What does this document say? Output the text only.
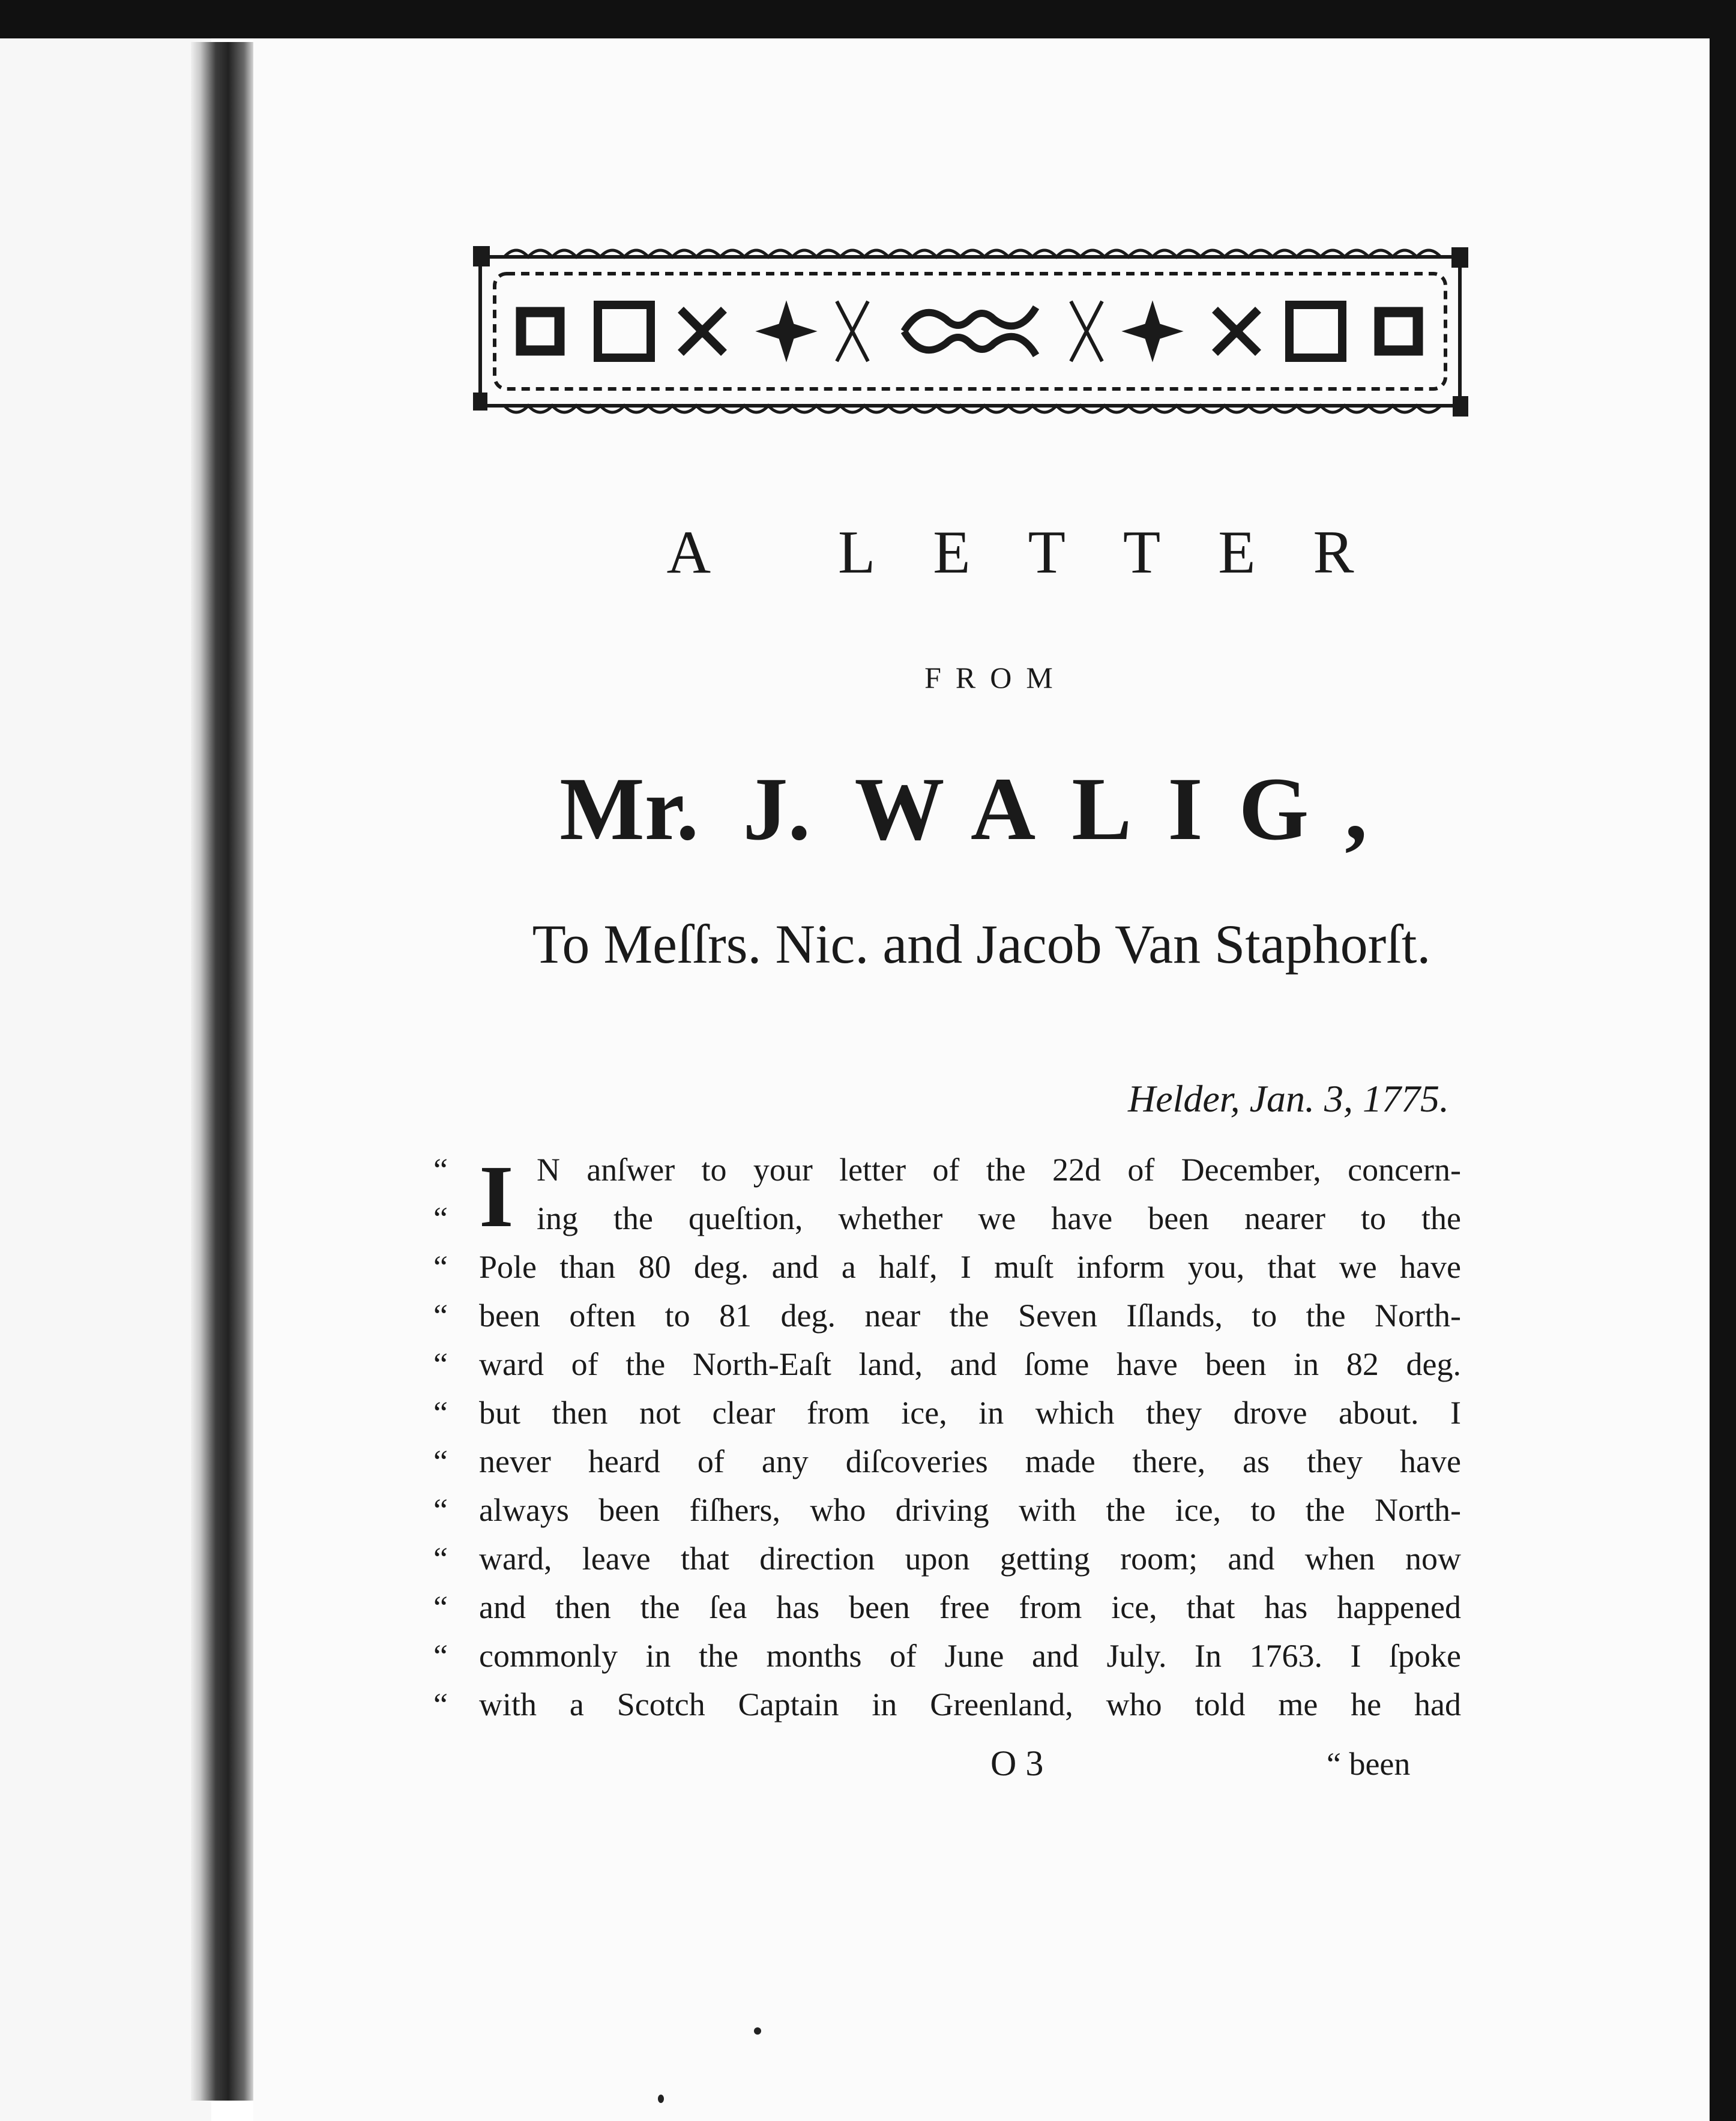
A LETTER
FROM
Mr. J. WALIG,
To Meſſrs. Nic. and Jacob Van Staphorſt.
Helder, Jan. 3, 1775.
“ I N anſwer to your letter of the 22d of December, concern-
“	ing the queſtion, whether we have been nearer to the
“ Pole than 80 deg. and a half, I muſt inform you, that we have
“ been often to 81 deg. near the Seven Iſlands, to the North-
“ ward of the North-Eaſt land, and ſome have been in 82 deg.
“ but then not clear from ice, in which they drove about. I
“ never heard of any diſcoveries made there, as they have
“ always been fiſhers, who driving with the ice, to the North-
“ ward, leave that direction upon getting room; and when now
“ and then the ſea has been free from ice, that has happened
“ commonly in the months of June and July. In 1763. I ſpoke
“ with a Scotch Captain in Greenland, who told me he had
O 3	“ been
